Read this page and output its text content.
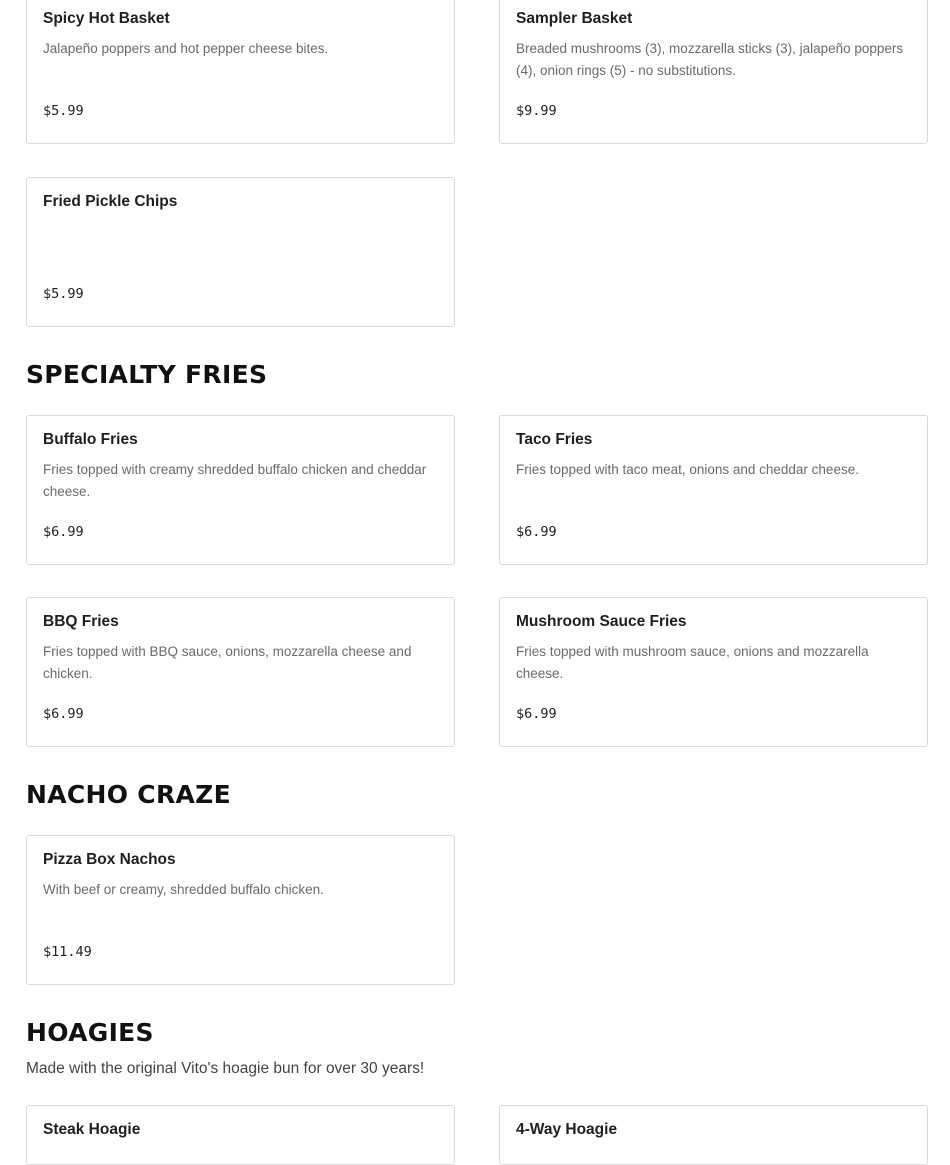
Spicy Hot Basket
Jalapeño poppers and hot pepper cheese bites.
$5.99
Sampler Basket
Breaded mushrooms (3), mozzarella sticks (3), jalapeño poppers (4), onion rings (5) - no substitutions.
$9.99
Fried Pickle Chips
$5.99
SPECIALTY FRIES
Buffalo Fries
Fries topped with creamy shredded buffalo chicken and cheddar cheese.
$6.99
Taco Fries
Fries topped with taco meat, onions and cheddar cheese.
$6.99
BBQ Fries
Fries topped with BBQ sauce, onions, mozzarella cheese and chicken.
$6.99
Mushroom Sauce Fries
Fries topped with mushroom sauce, onions and mozzarella cheese.
$6.99
NACHO CRAZE
Pizza Box Nachos
With beef or creamy, shredded buffalo chicken.
$11.49
HOAGIES

Made with the original Vito's hoagie bun for over 30 years!

Steak Hoagie	4-Way Hoagie
